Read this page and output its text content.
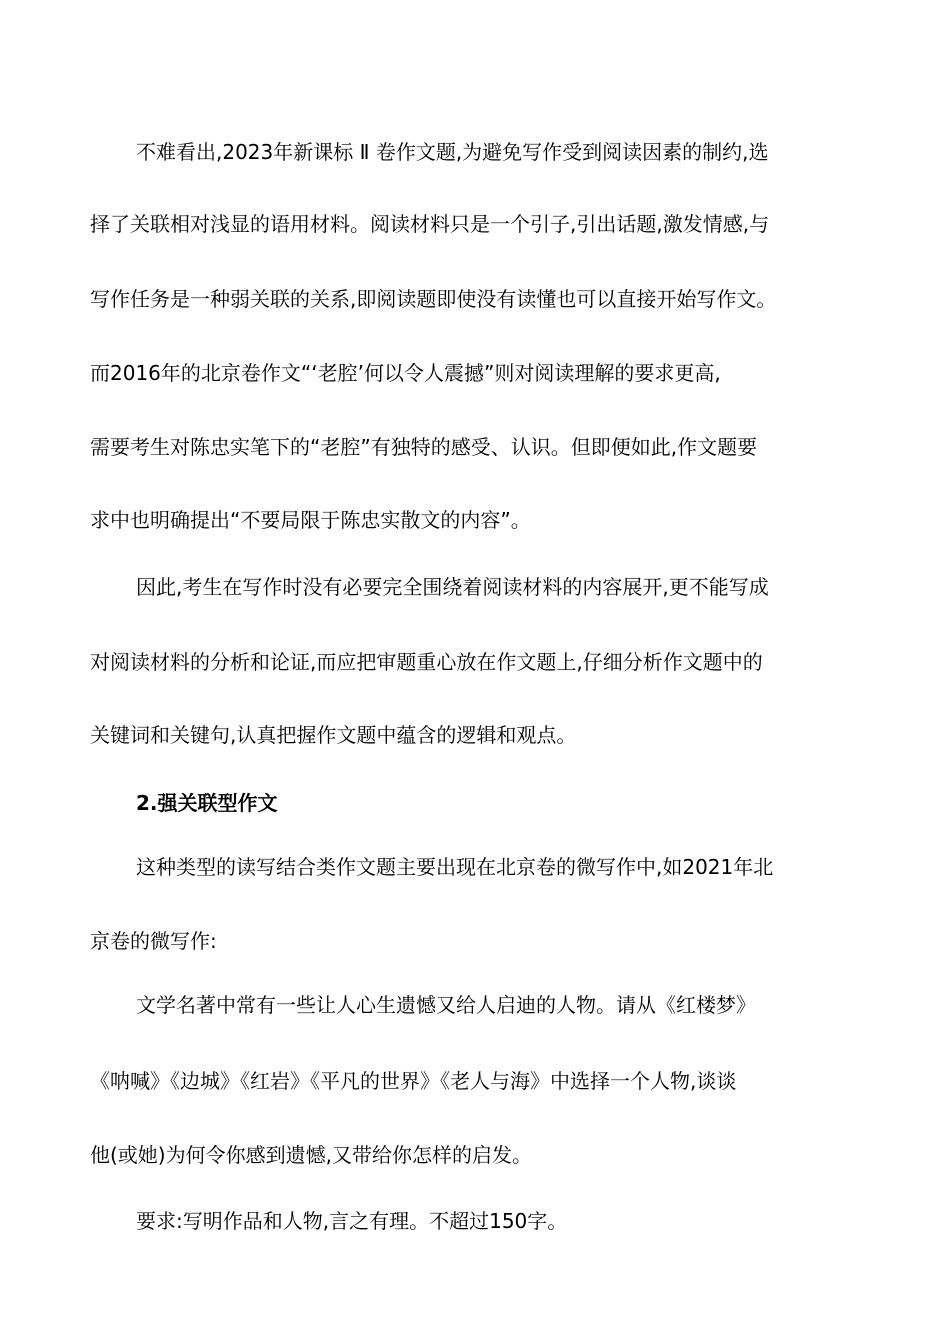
不难看出,2023年新课标 Ⅱ 卷作文题,为避免写作受到阅读因素的制约,选
择了关联相对浅显的语用材料。阅读材料只是一个引子,引出话题,激发情感,与
写作任务是一种弱关联的关系,即阅读题即使没有读懂也可以直接开始写作文。
而2016年的北京卷作文“‘老腔’何以令人震撼”则对阅读理解的要求更高,
需要考生对陈忠实笔下的“老腔”有独特的感受、认识。但即便如此,作文题要
求中也明确提出“不要局限于陈忠实散文的内容”。
因此,考生在写作时没有必要完全围绕着阅读材料的内容展开,更不能写成
对阅读材料的分析和论证,而应把审题重心放在作文题上,仔细分析作文题中的
关键词和关键句,认真把握作文题中蕴含的逻辑和观点。
2.强关联型作文
这种类型的读写结合类作文题主要出现在北京卷的微写作中,如2021年北
京卷的微写作:
文学名著中常有一些让人心生遗憾又给人启迪的人物。请从《红楼梦》
《呐喊》《边城》《红岩》《平凡的世界》《老人与海》中选择一个人物,谈谈
他(或她)为何令你感到遗憾,又带给你怎样的启发。
要求:写明作品和人物,言之有理。不超过150字。
